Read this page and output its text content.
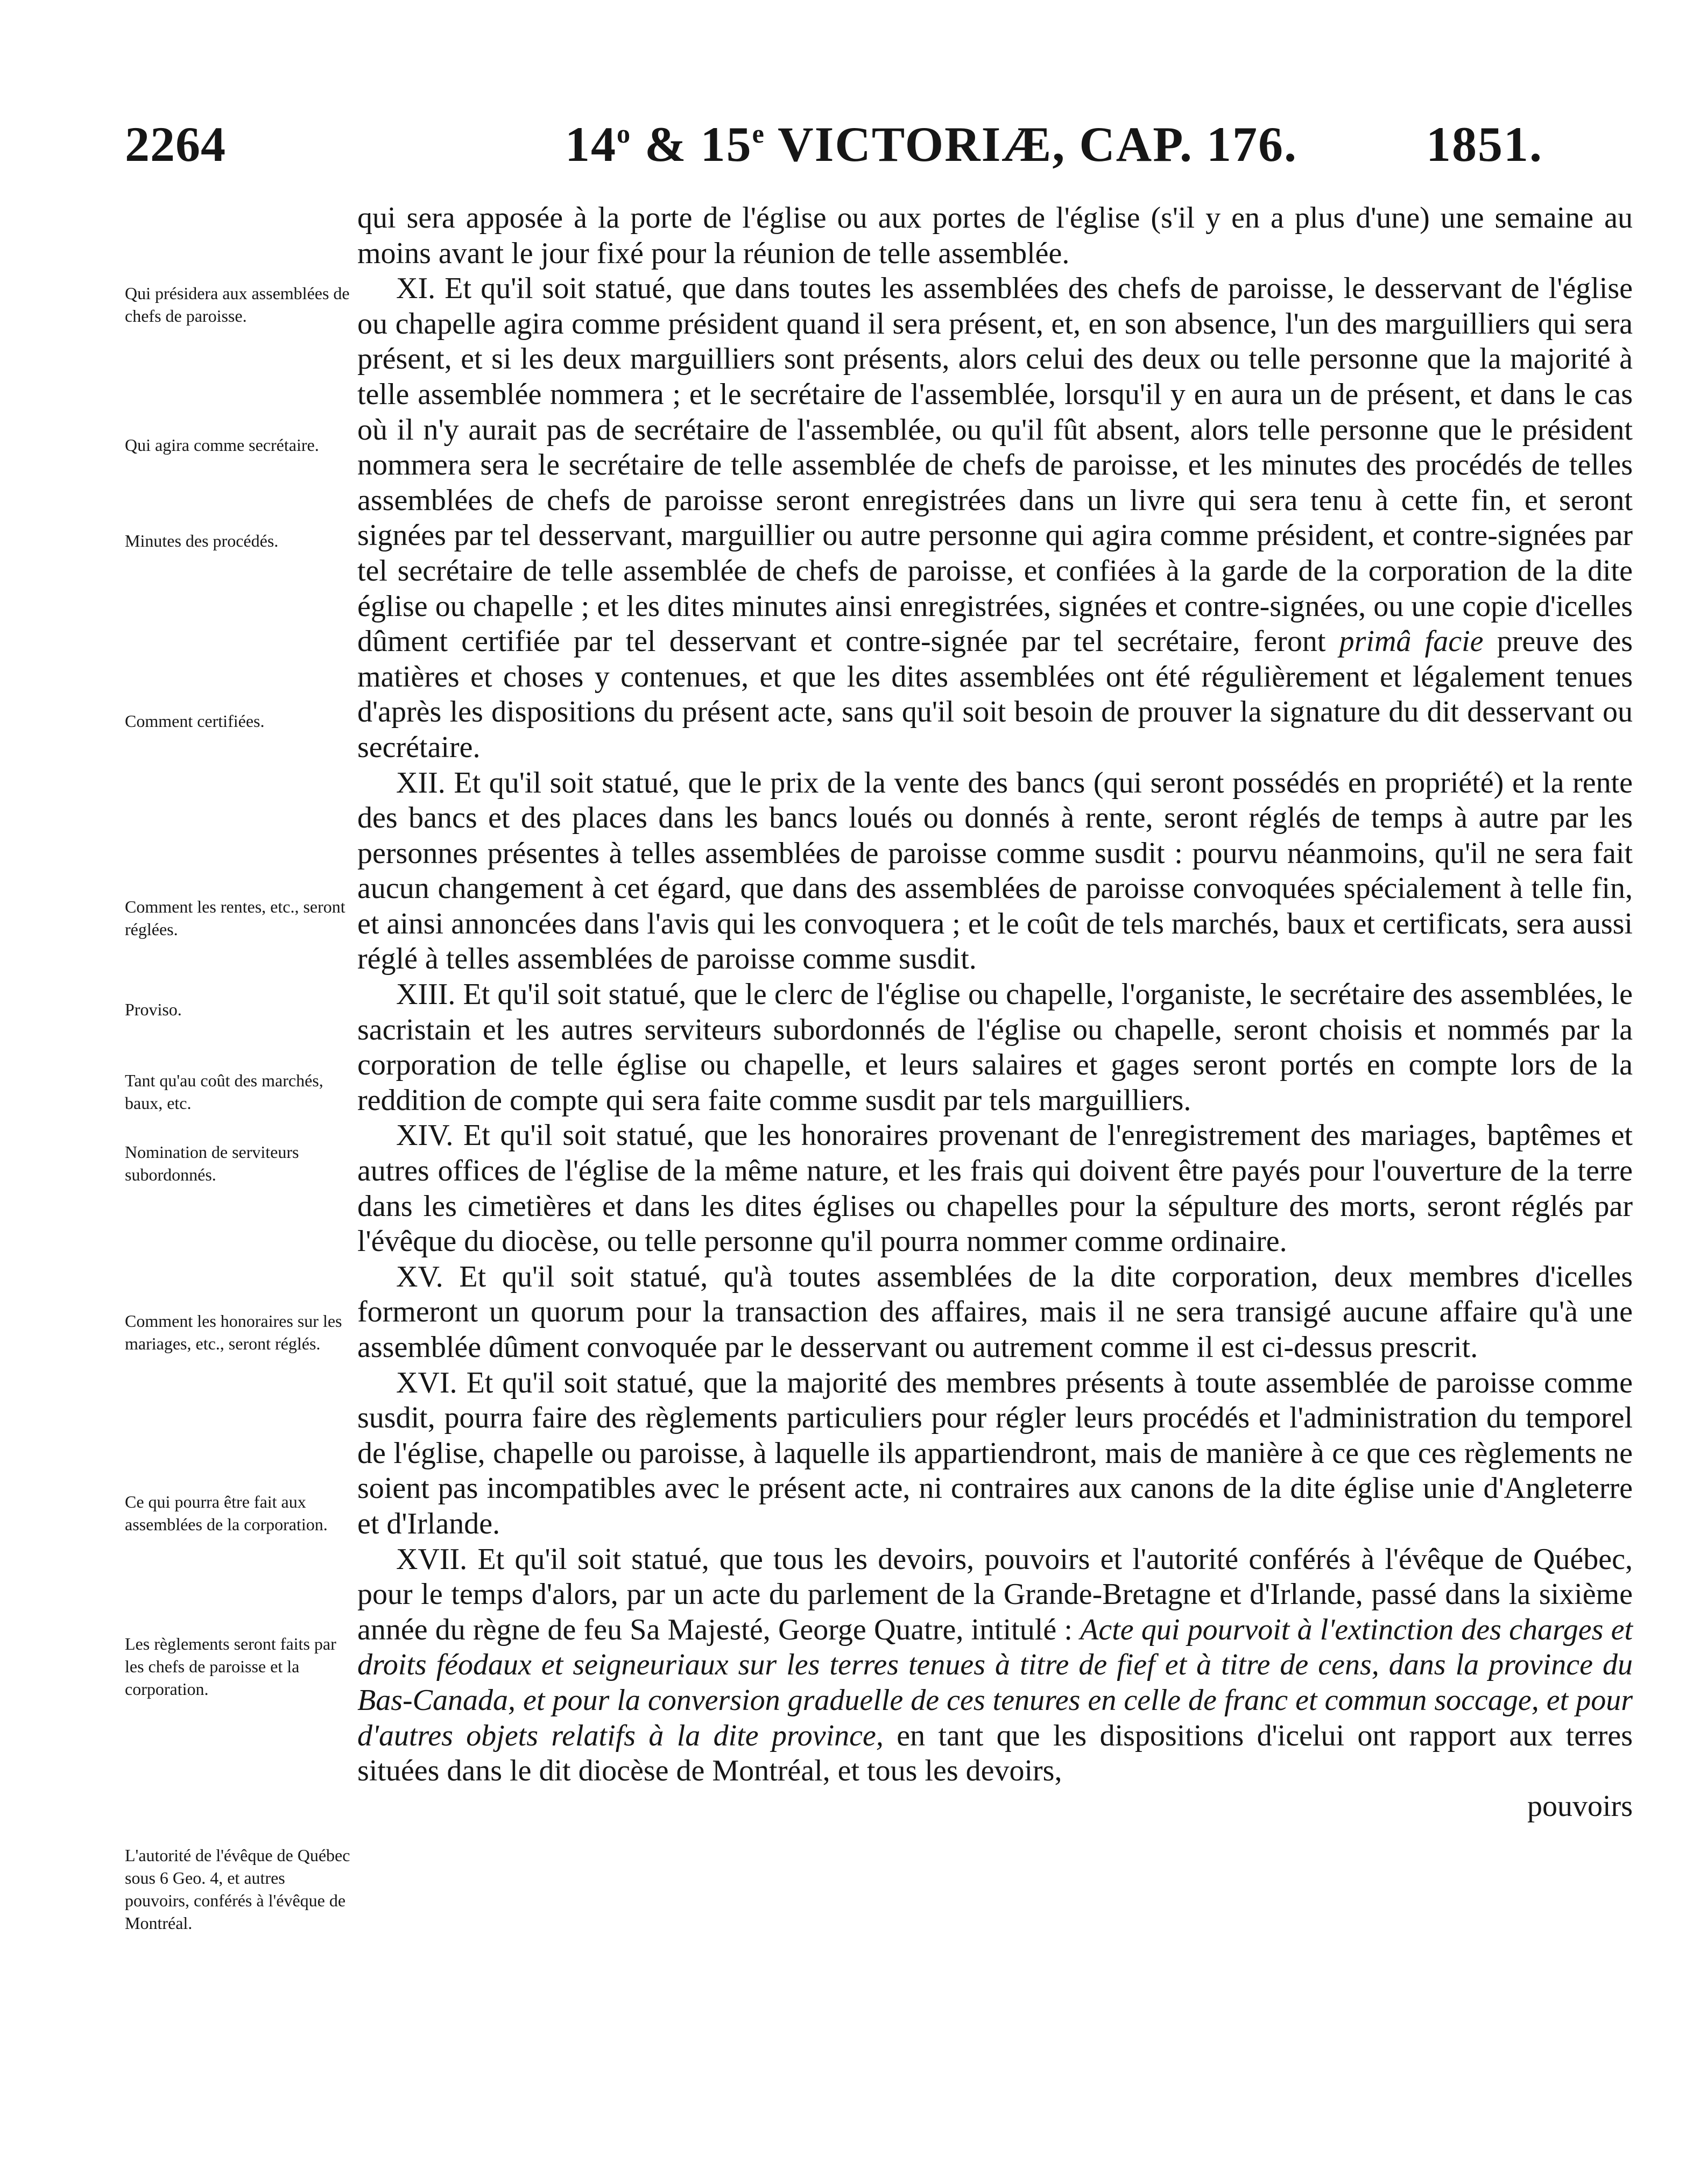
2264	14$^o$ & 15e VICTORIÆ, CAP. 176.	1851.
Qui présidera aux assemblées de chefs de paroisse.
Qui agira comme secrétaire.
Minutes des procédés.
Comment certifiées.
Comment les rentes, etc., seront réglées.
Proviso.
Tant qu'au coût des marchés, baux, etc.
Nomination de serviteurs subordonnés.
Comment les honoraires sur les mariages, etc., seront réglés.
Ce qui pourra être fait aux assemblées de la corporation.
Les règlements seront faits par les chefs de paroisse et la corporation.
L'autorité de l'évêque de Québec sous 6 Geo. 4, et autres pouvoirs, conférés à l'évêque de Montréal.

qui sera apposée à la porte de l'église ou aux portes de l'église (s'il y en a plus d'une) une semaine au moins avant le jour fixé pour la réunion de telle assemblée.

XI. Et qu'il soit statué, que dans toutes les assemblées des chefs de paroisse, le desservant de l'église ou chapelle agira comme président quand il sera présent, et, en son absence, l'un des marguilliers qui sera présent, et si les deux marguilliers sont présents, alors celui des deux ou telle personne que la majorité à telle assemblée nommera ; et le secrétaire de l'assemblée, lorsqu'il y en aura un de présent, et dans le cas où il n'y aurait pas de secrétaire de l'assemblée, ou qu'il fût absent, alors telle personne que le président nommera sera le secrétaire de telle assemblée de chefs de paroisse, et les minutes des procédés de telles assemblées de chefs de paroisse seront enregistrées dans un livre qui sera tenu à cette fin, et seront signées par tel desservant, marguillier ou autre personne qui agira comme président, et contre-signées par tel secrétaire de telle assemblée de chefs de paroisse, et confiées à la garde de la corporation de la dite église ou chapelle ; et les dites minutes ainsi enregistrées, signées et contre-signées, ou une copie d'icelles dûment certifiée par tel desservant et contre-signée par tel secrétaire, feront primâ facie preuve des matières et choses y contenues, et que les dites assemblées ont été régulièrement et légalement tenues d'après les dispositions du présent acte, sans qu'il soit besoin de prouver la signature du dit desservant ou secrétaire.

XII. Et qu'il soit statué, que le prix de la vente des bancs (qui seront possédés en propriété) et la rente des bancs et des places dans les bancs loués ou donnés à rente, seront réglés de temps à autre par les personnes présentes à telles assemblées de paroisse comme susdit : pourvu néanmoins, qu'il ne sera fait aucun changement à cet égard, que dans des assemblées de paroisse convoquées spécialement à telle fin, et ainsi annoncées dans l'avis qui les convoquera ; et le coût de tels marchés, baux et certificats, sera aussi réglé à telles assemblées de paroisse comme susdit.

XIII. Et qu'il soit statué, que le clerc de l'église ou chapelle, l'organiste, le secrétaire des assemblées, le sacristain et les autres serviteurs subordonnés de l'église ou chapelle, seront choisis et nommés par la corporation de telle église ou chapelle, et leurs salaires et gages seront portés en compte lors de la reddition de compte qui sera faite comme susdit par tels marguilliers.

XIV. Et qu'il soit statué, que les honoraires provenant de l'enregistrement des mariages, baptêmes et autres offices de l'église de la même nature, et les frais qui doivent être payés pour l'ouverture de la terre dans les cimetières et dans les dites églises ou chapelles pour la sépulture des morts, seront réglés par l'évêque du diocèse, ou telle personne qu'il pourra nommer comme ordinaire.

XV. Et qu'il soit statué, qu'à toutes assemblées de la dite corporation, deux membres d'icelles formeront un quorum pour la transaction des affaires, mais il ne sera transigé aucune affaire qu'à une assemblée dûment convoquée par le desservant ou autrement comme il est ci-dessus prescrit.

XVI. Et qu'il soit statué, que la majorité des membres présents à toute assemblée de paroisse comme susdit, pourra faire des règlements particuliers pour régler leurs procédés et l'administration du temporel de l'église, chapelle ou paroisse, à laquelle ils appartiendront, mais de manière à ce que ces règlements ne soient pas incompatibles avec le présent acte, ni contraires aux canons de la dite église unie d'Angleterre et d'Irlande.

XVII. Et qu'il soit statué, que tous les devoirs, pouvoirs et l'autorité conférés à l'évêque de Québec, pour le temps d'alors, par un acte du parlement de la Grande-Bretagne et d'Irlande, passé dans la sixième année du règne de feu Sa Majesté, George Quatre, intitulé : Acte qui pourvoit à l'extinction des charges et droits féodaux et seigneuriaux sur les terres tenues à titre de fief et à titre de cens, dans la province du Bas-Canada, et pour la conversion graduelle de ces tenures en celle de franc et commun soccage, et pour d'autres objets relatifs à la dite province, en tant que les dispositions d'icelui ont rapport aux terres situées dans le dit diocèse de Montréal, et tous les devoirs,

pouvoirs
